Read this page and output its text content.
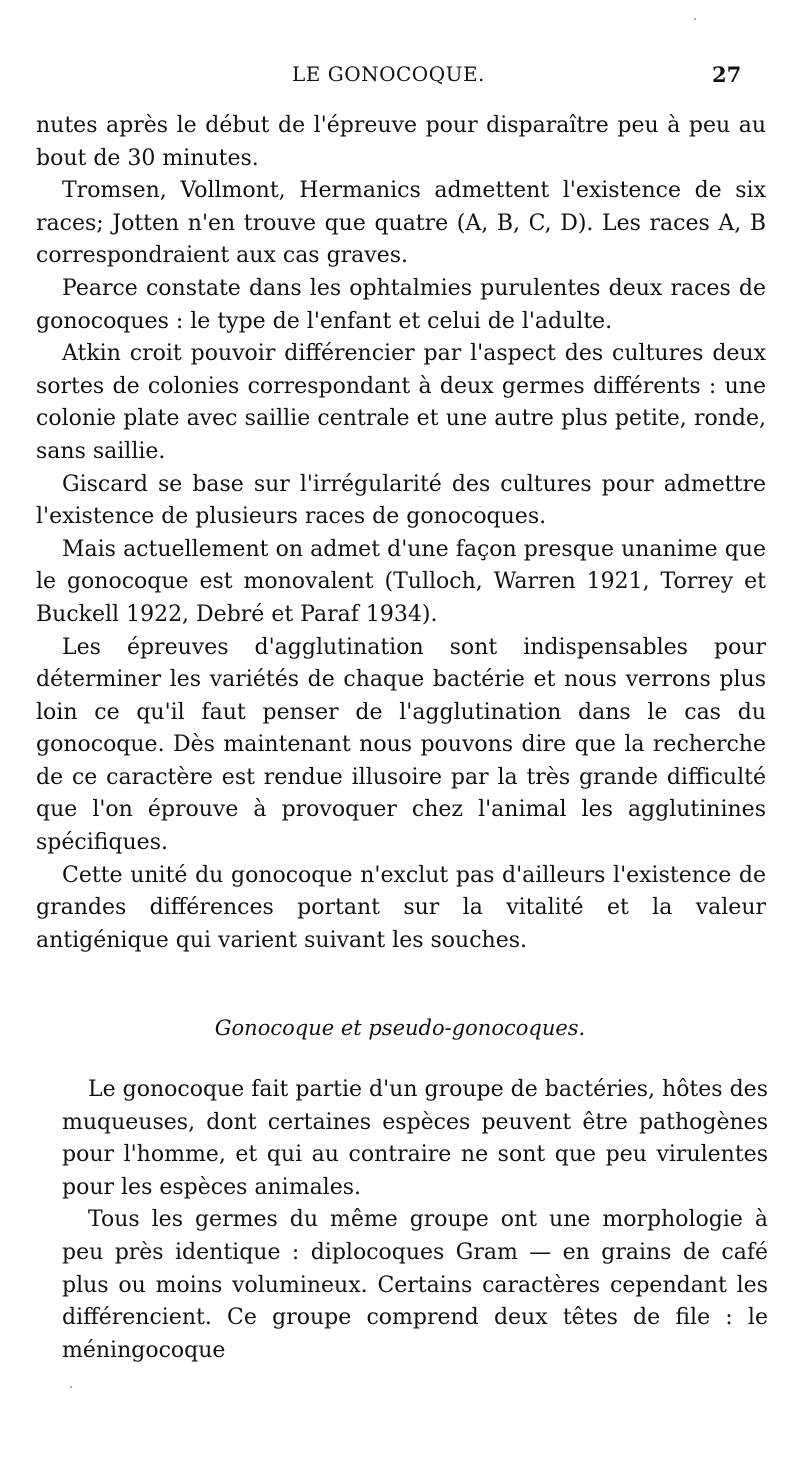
LE GONOCOQUE.	27

nutes après le début de l'épreuve pour disparaître peu à peu au bout de 30 minutes.

Tromsen, Vollmont, Hermanics admettent l'existence de six races; Jotten n'en trouve que quatre (A, B, C, D). Les races A, B correspondraient aux cas graves.

Pearce constate dans les ophtalmies purulentes deux races de gonocoques : le type de l'enfant et celui de l'adulte.

Atkin croit pouvoir différencier par l'aspect des cultures deux sortes de colonies correspondant à deux germes différents : une colonie plate avec saillie centrale et une autre plus petite, ronde, sans saillie.

Giscard se base sur l'irrégularité des cultures pour admettre l'existence de plusieurs races de gonocoques.

Mais actuellement on admet d'une façon presque unanime que le gonocoque est monovalent (Tulloch, Warren 1921, Torrey et Buckell 1922, Debré et Paraf 1934).

Les épreuves d'agglutination sont indispensables pour déterminer les variétés de chaque bactérie et nous verrons plus loin ce qu'il faut penser de l'agglutination dans le cas du gonocoque. Dès maintenant nous pouvons dire que la recherche de ce caractère est rendue illusoire par la très grande difficulté que l'on éprouve à provoquer chez l'animal les agglutinines spécifiques.

Cette unité du gonocoque n'exclut pas d'ailleurs l'existence de grandes différences portant sur la vitalité et la valeur antigénique qui varient suivant les souches.

Gonocoque et pseudo-gonocoques.

Le gonocoque fait partie d'un groupe de bactéries, hôtes des muqueuses, dont certaines espèces peuvent être pathogènes pour l'homme, et qui au contraire ne sont que peu virulentes pour les espèces animales.

Tous les germes du même groupe ont une morphologie à peu près identique : diplocoques Gram — en grains de café plus ou moins volumineux. Certains caractères cependant les différencient. Ce groupe comprend deux têtes de file : le méningocoque
